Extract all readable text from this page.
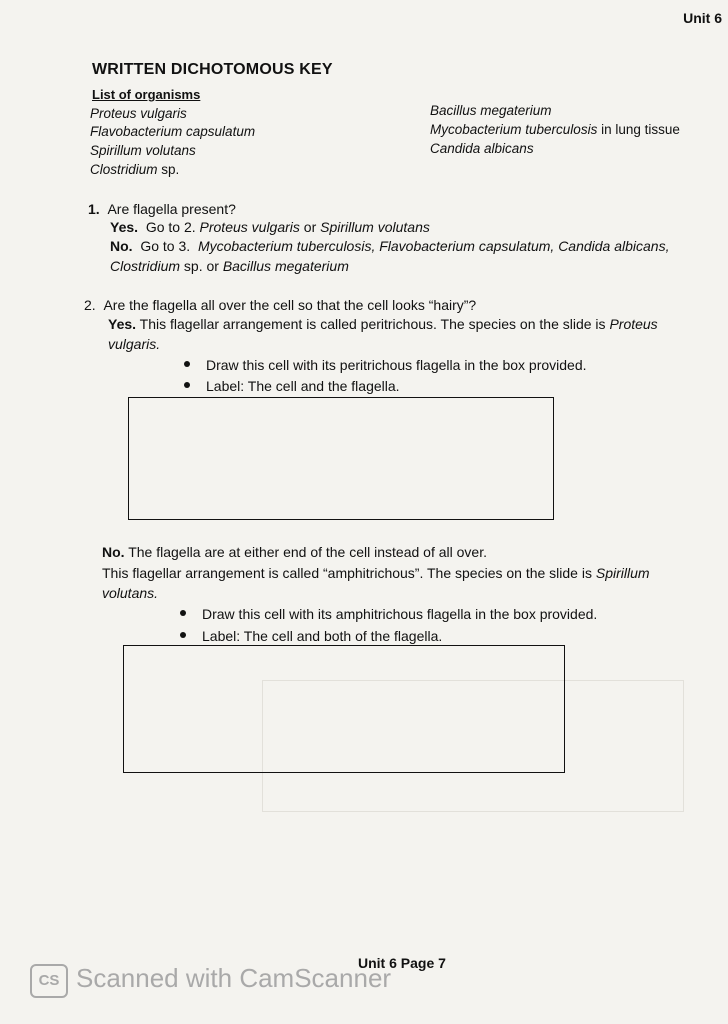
Unit 6
WRITTEN DICHOTOMOUS KEY
List of organisms
Proteus vulgaris
Flavobacterium capsulatum
Spirillum volutans
Clostridium sp.
Bacillus megaterium
Mycobacterium tuberculosis in lung tissue
Candida albicans
1. Are flagella present?
Yes. Go to 2. Proteus vulgaris or Spirillum volutans
No. Go to 3. Mycobacterium tuberculosis, Flavobacterium capsulatum, Candida albicans,
Clostridium sp. or Bacillus megaterium
2. Are the flagella all over the cell so that the cell looks “hairy”?
Yes. This flagellar arrangement is called peritrichous. The species on the slide is Proteus
vulgaris.
Draw this cell with its peritrichous flagella in the box provided.
Label: The cell and the flagella.
No. The flagella are at either end of the cell instead of all over.
This flagellar arrangement is called “amphitrichous”. The species on the slide is Spirillum
volutans.
Draw this cell with its amphitrichous flagella in the box provided.
Label: The cell and both of the flagella.
Unit 6 Page 7
CS Scanned with CamScanner
